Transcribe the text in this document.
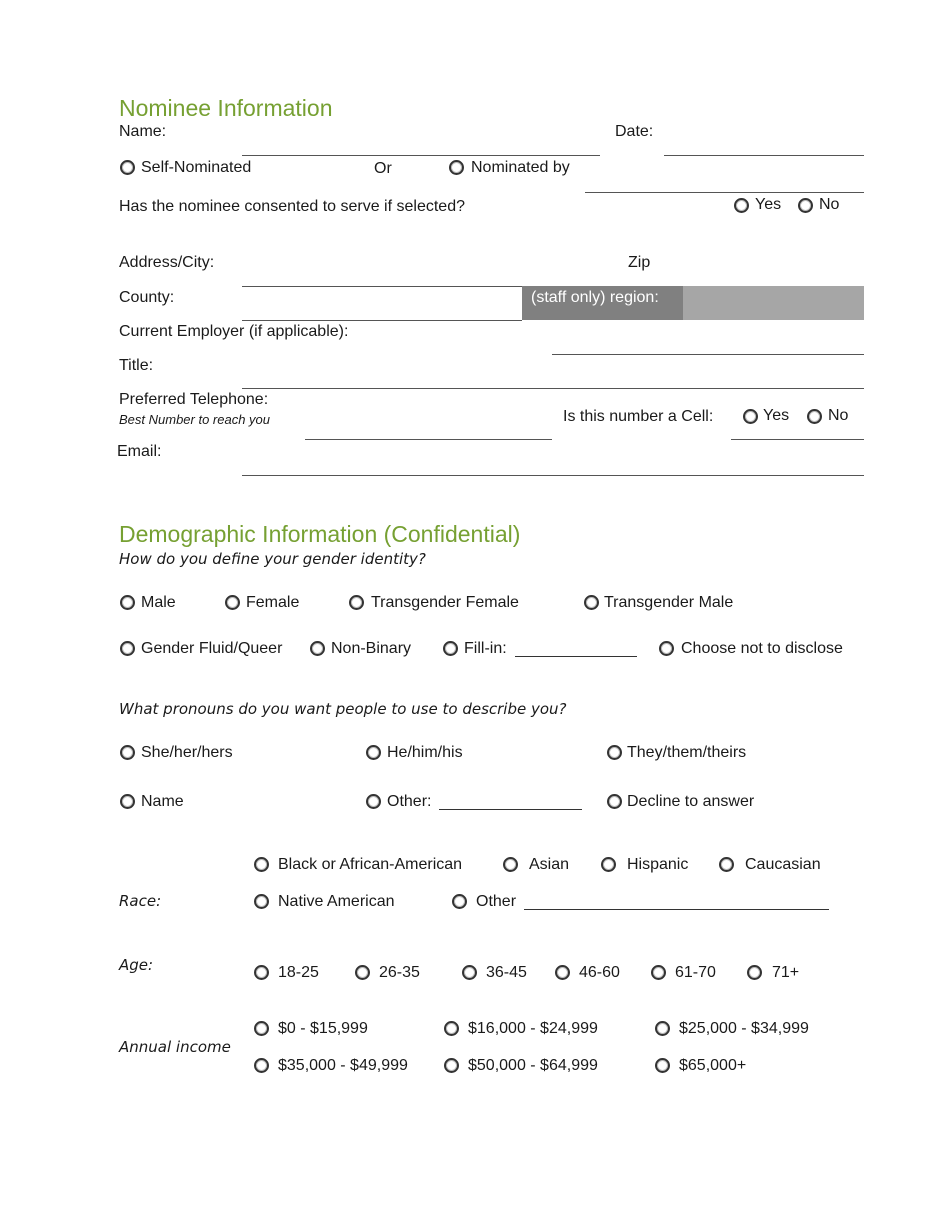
Nominee Information
Name:	Date:
Self-Nominated	Or	Nominated by
Has the nominee consented to serve if selected?	Yes No
Address/City:	Zip
County:	(staff only) region:
Current Employer (if applicable):
Title:
Preferred Telephone:
Best Number to reach you	Is this number a Cell:	Yes No
Email:
Demographic Information (Confidential)
How do you define your gender identity?
Male	Female	Transgender Female	Transgender Male
Gender Fluid/Queer	Non-Binary	Fill-in:	Choose not to disclose
What pronouns do you want people to use to describe you?
She/her/hers	He/him/his	They/them/theirs
Name	Other:	Decline to answer
Race:
Black or African-American	Asian	Hispanic	Caucasian
Native American	Other
Age:	18-25	26-35	36-45	46-60	61-70	71+
Annual income
$0 - $15,999	$16,000 - $24,999	$25,000 - $34,999
$35,000 - $49,999	$50,000 - $64,999	$65,000+
